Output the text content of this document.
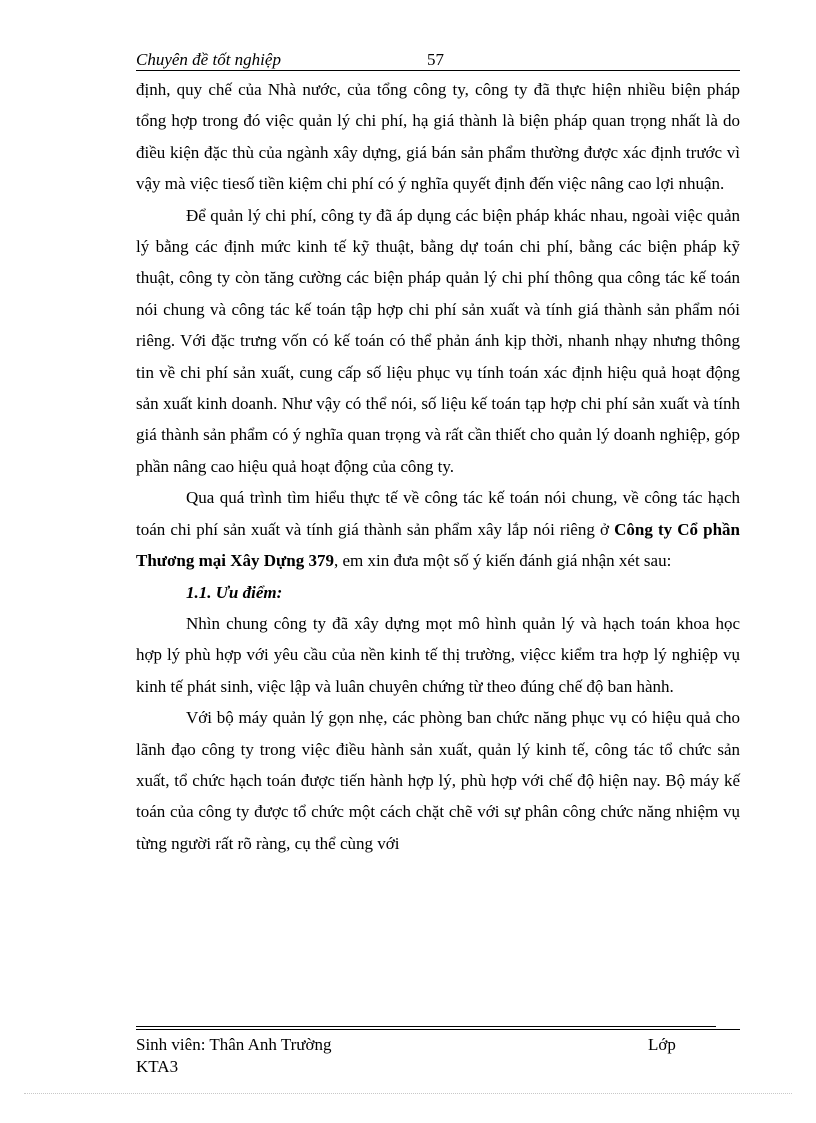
Chuyên đề tốt nghiệp	57

định, quy chế của Nhà nước, của tổng công ty, công ty đã thực hiện nhiều biện pháp tổng hợp trong đó việc quản lý chi phí, hạ giá thành là biện pháp quan trọng nhất là do điều kiện đặc thù của ngành xây dựng, giá bán sản phẩm thường được xác định trước vì vậy mà việc tiesố tiền kiệm chi phí có ý nghĩa quyết định đến việc nâng cao lợi nhuận.

Để quản lý chi phí, công ty đã áp dụng các biện pháp khác nhau, ngoài việc quản lý bằng các định mức kinh tế kỹ thuật, bằng dự toán chi phí, bằng các biện pháp kỹ thuật, công ty còn tăng cường các biện pháp quản lý chi phí thông qua công tác kế toán nói chung và công tác kế toán tập hợp chi phí sản xuất và tính giá thành sản phẩm nói riêng. Với đặc trưng vốn có kế toán có thể phản ánh kịp thời, nhanh nhạy nhưng thông tin về chi phí sản xuất, cung cấp số liệu phục vụ tính toán xác định hiệu quả hoạt động sản xuất kinh doanh. Như vậy có thể nói, số liệu kế toán tạp hợp chi phí sản xuất và tính giá thành sản phẩm có ý nghĩa quan trọng và rất cần thiết cho quản lý doanh nghiệp, góp phần nâng cao hiệu quả hoạt động của công ty.

Qua quá trình tìm hiểu thực tế về công tác kế toán nói chung, về công tác hạch toán chi phí sản xuất và tính giá thành sản phẩm xây lắp nói riêng ở Công ty Cổ phần Thương mại Xây Dựng 379, em xin đưa một số ý kiến đánh giá nhận xét sau:

1.1. Ưu điểm:

Nhìn chung công ty đã xây dựng mọt mô hình quản lý và hạch toán khoa học hợp lý phù hợp với yêu cầu của nền kinh tế thị trường, việcc kiểm tra hợp lý nghiệp vụ kinh tế phát sinh, việc lập và luân chuyên chứng từ theo đúng chế độ ban hành.

Với bộ máy quản lý gọn nhẹ, các phòng ban chức năng phục vụ có hiệu quả cho lãnh đạo công ty trong việc điều hành sản xuất, quản lý kinh tế, công tác tổ chức sản xuất, tổ chức hạch toán được tiến hành hợp lý, phù hợp với chế độ hiện nay. Bộ máy kế toán của công ty được tổ chức một cách chặt chẽ với sự phân công chức năng nhiệm vụ từng người rất rõ ràng, cụ thể cùng với

Sinh viên: Thân Anh Trường	Lớp
KTA3
